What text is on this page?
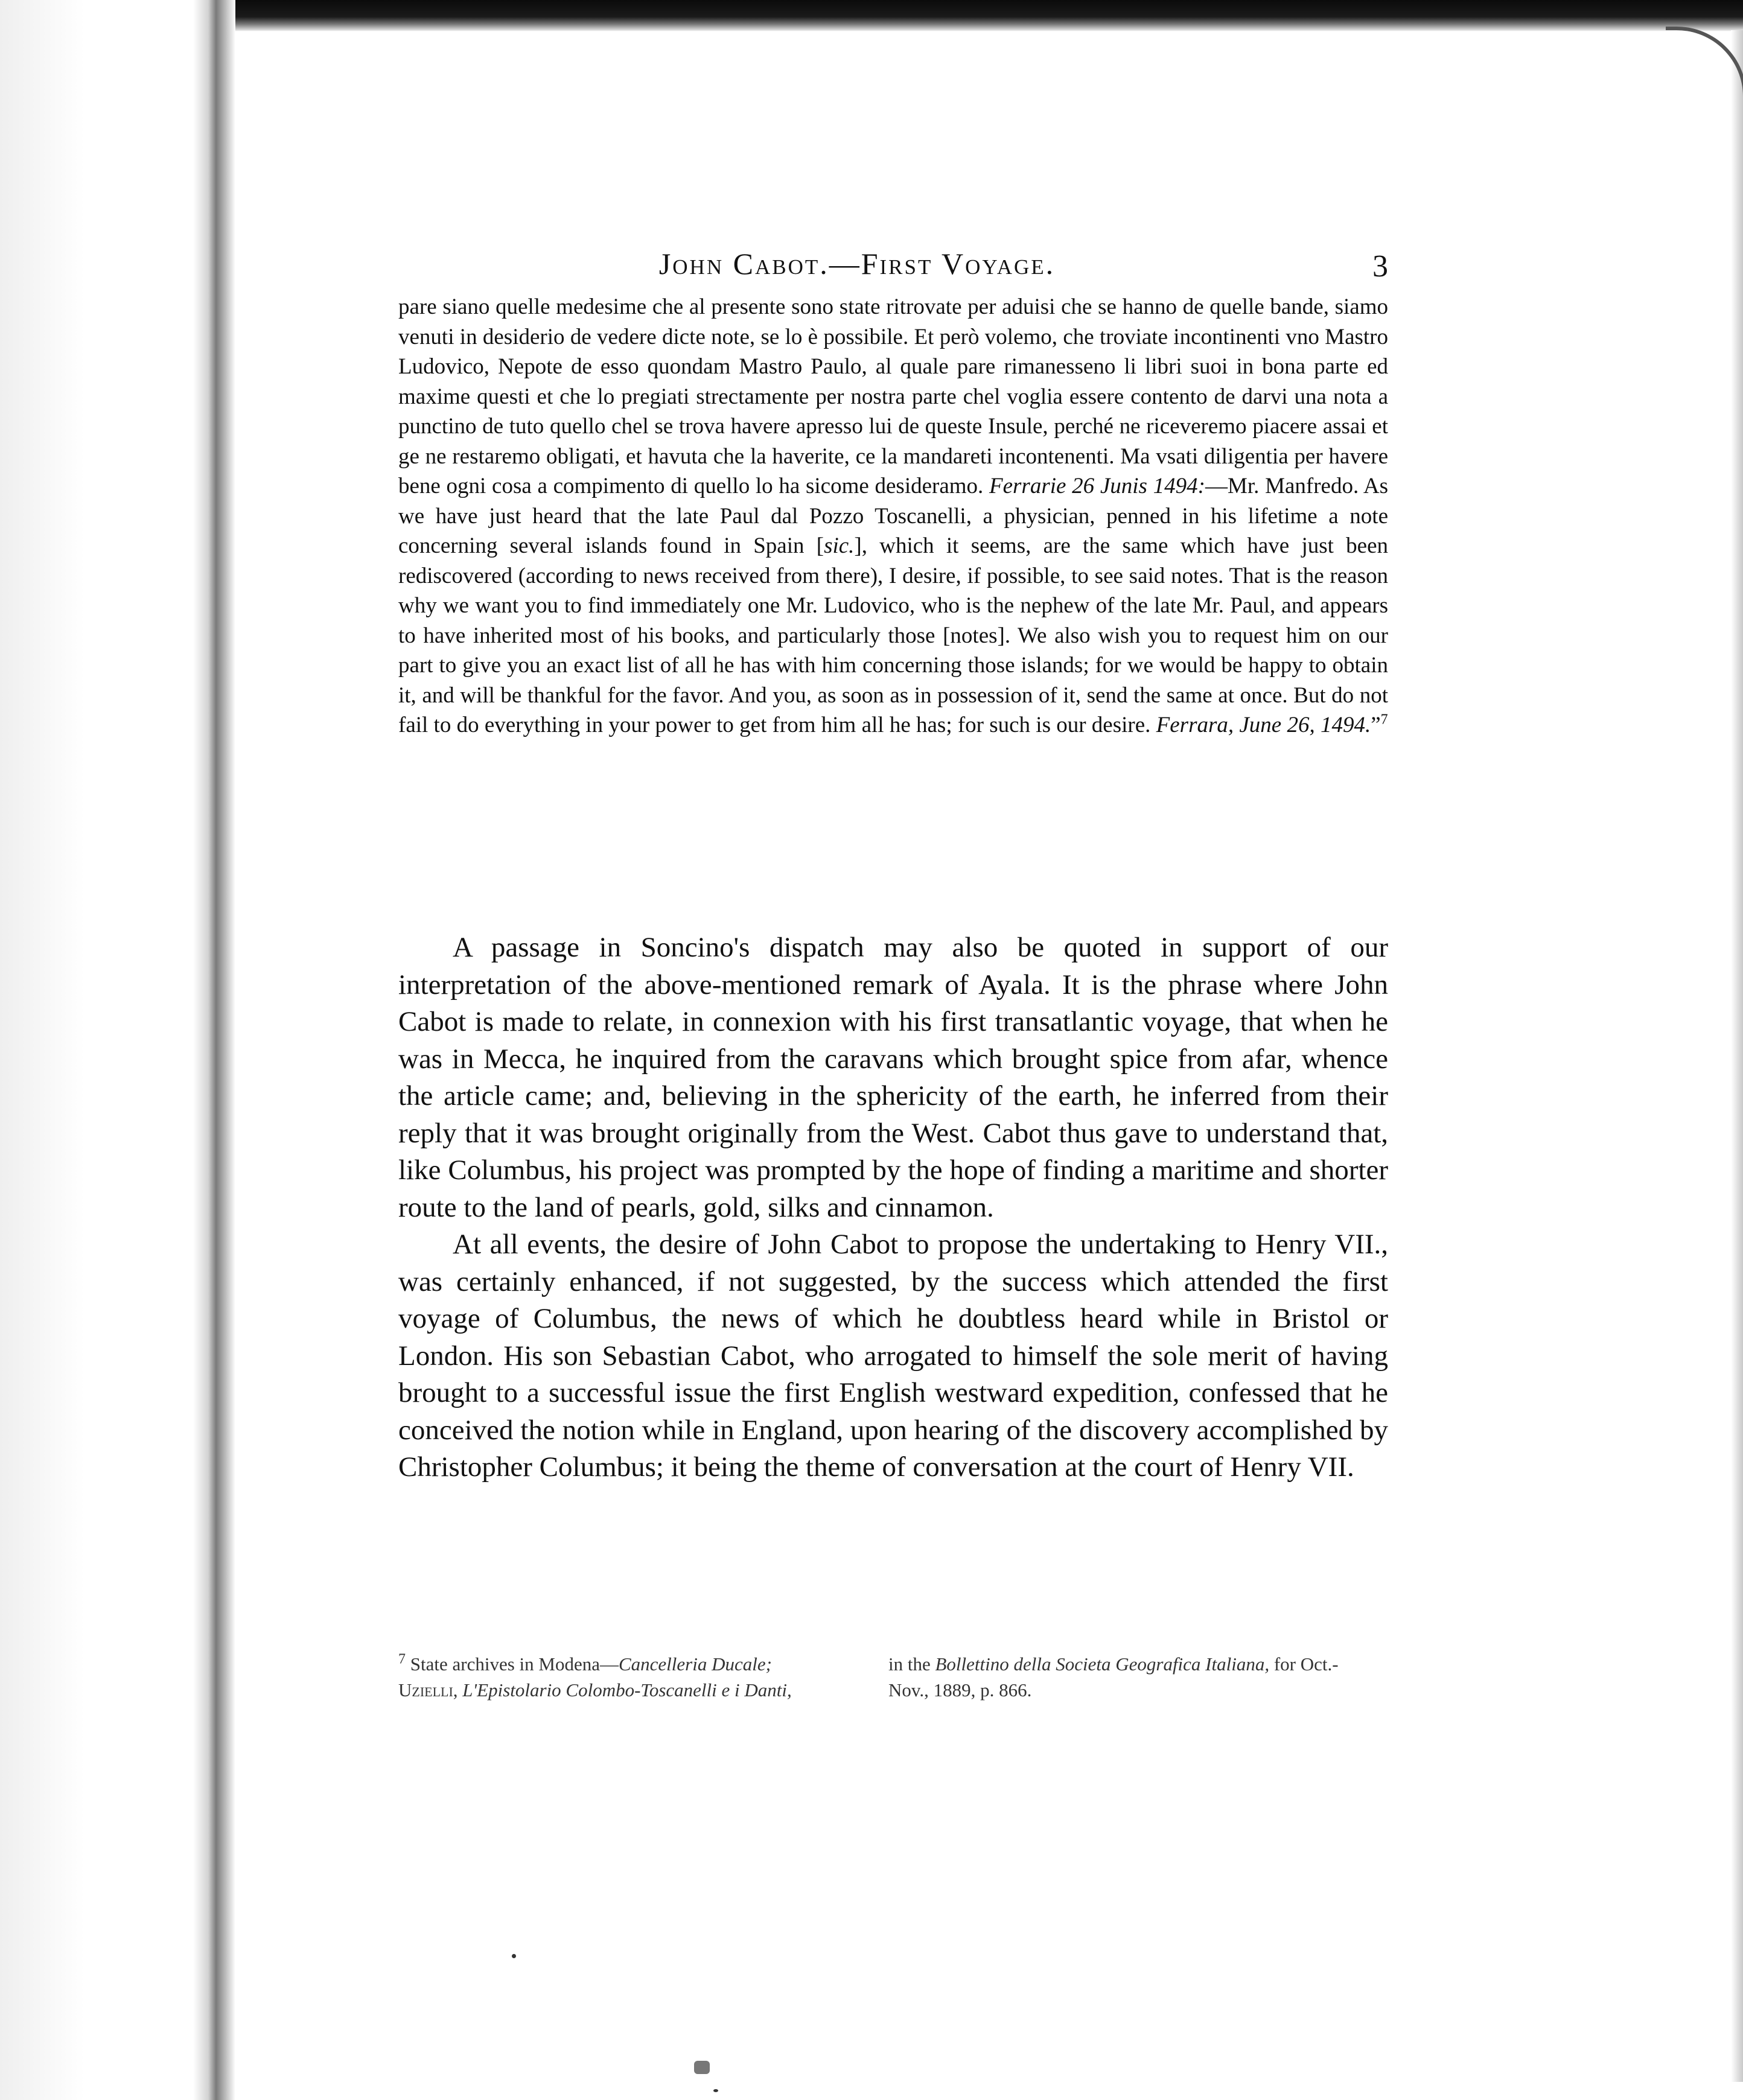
John Cabot.—First Voyage.	3

pare siano quelle medesime che al presente sono state ritrovate per aduisi che se hanno de quelle bande, siamo venuti in desiderio de vedere dicte note, se lo è possibile. Et però volemo, che troviate incontinenti vno Mastro Ludovico, Nepote de esso quondam Mastro Paulo, al quale pare rimanesseno li libri suoi in bona parte ed maxime questi et che lo pregiati strectamente per nostra parte chel voglia essere contento de darvi una nota a punctino de tuto quello chel se trova havere apresso lui de queste Insule, perché ne riceveremo piacere assai et ge ne restaremo obligati, et havuta che la haverite, ce la mandareti incontenenti. Ma vsati diligentia per havere bene ogni cosa a compimento di quello lo ha sicome desideramo. Ferrarie 26 Junis 1494:—Mr. Manfredo. As we have just heard that the late Paul dal Pozzo Toscanelli, a physician, penned in his lifetime a note concerning several islands found in Spain [sic.], which it seems, are the same which have just been rediscovered (according to news received from there), I desire, if possible, to see said notes. That is the reason why we want you to find immediately one Mr. Ludovico, who is the nephew of the late Mr. Paul, and appears to have inherited most of his books, and particularly those [notes]. We also wish you to request him on our part to give you an exact list of all he has with him concerning those islands; for we would be happy to obtain it, and will be thankful for the favor. And you, as soon as in possession of it, send the same at once. But do not fail to do everything in your power to get from him all he has; for such is our desire. Ferrara, June 26, 1494.”$^7$

A passage in Soncino's dispatch may also be quoted in support of our interpretation of the above-mentioned remark of Ayala. It is the phrase where John Cabot is made to relate, in connexion with his first transatlantic voyage, that when he was in Mecca, he inquired from the caravans which brought spice from afar, whence the article came; and, believing in the sphericity of the earth, he inferred from their reply that it was brought originally from the West. Cabot thus gave to understand that, like Columbus, his project was prompted by the hope of finding a maritime and shorter route to the land of pearls, gold, silks and cinnamon.

At all events, the desire of John Cabot to propose the undertaking to Henry VII., was certainly enhanced, if not suggested, by the success which attended the first voyage of Columbus, the news of which he doubtless heard while in Bristol or London. His son Sebastian Cabot, who arrogated to himself the sole merit of having brought to a successful issue the first English westward expedition, confessed that he conceived the notion while in England, upon hearing of the discovery accomplished by Christopher Columbus; it being the theme of conversation at the court of Henry VII.

$^7$ State archives in Modena—Cancelleria Ducale;
Uzielli, L'Epistolario Colombo-Toscanelli e i Danti,
in the Bollettino della Societa Geografica Italiana, for Oct.-Nov., 1889, p. 866.
